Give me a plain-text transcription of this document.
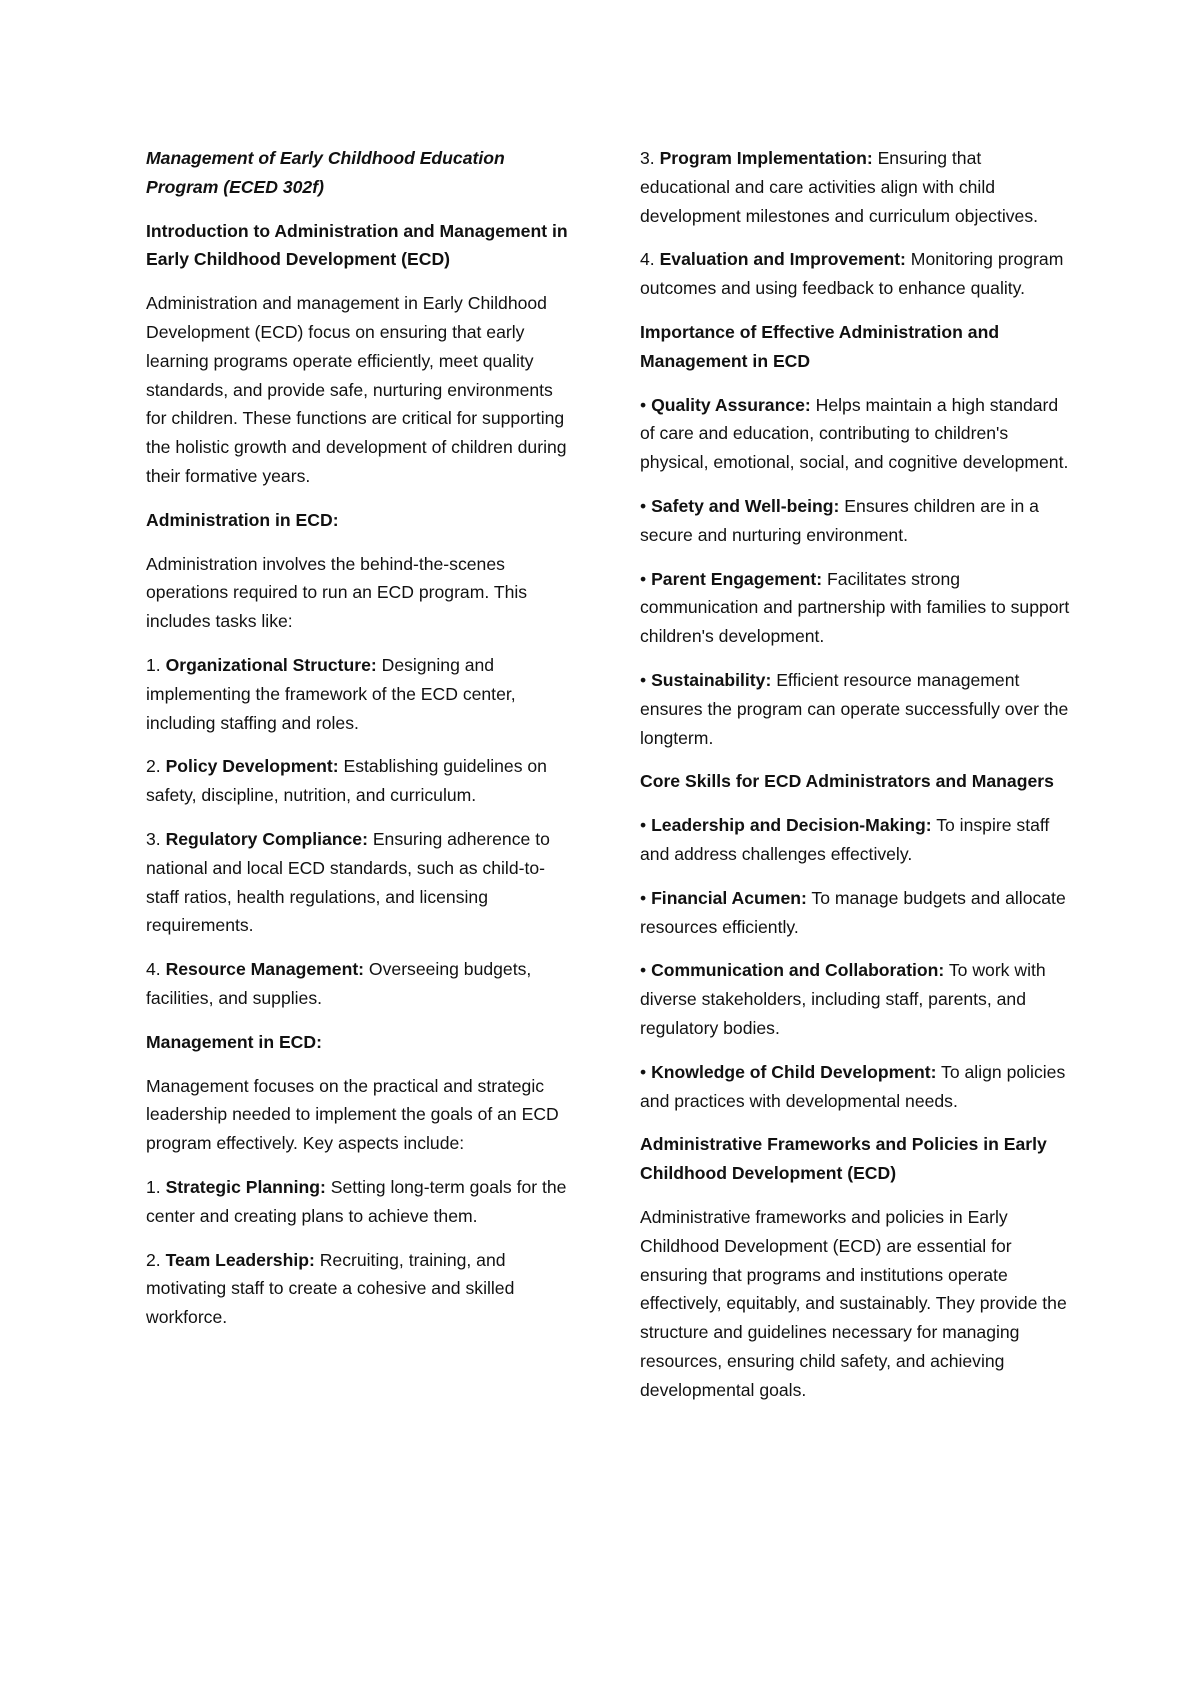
Management of Early Childhood Education Program (ECED 302f)

Introduction to Administration and Management in Early Childhood Development (ECD)

Administration and management in Early Childhood Development (ECD) focus on ensuring that early learning programs operate efficiently, meet quality standards, and provide safe, nurturing environments for children. These functions are critical for supporting the holistic growth and development of children during their formative years.

Administration in ECD:

Administration involves the behind-the-scenes operations required to run an ECD program. This includes tasks like:

1. Organizational Structure: Designing and implementing the framework of the ECD center, including staffing and roles.

2. Policy Development: Establishing guidelines on safety, discipline, nutrition, and curriculum.

3. Regulatory Compliance: Ensuring adherence to national and local ECD standards, such as child-to-staff ratios, health regulations, and licensing requirements.

4. Resource Management: Overseeing budgets, facilities, and supplies.

Management in ECD:

Management focuses on the practical and strategic leadership needed to implement the goals of an ECD program effectively. Key aspects include:

1. Strategic Planning: Setting long-term goals for the center and creating plans to achieve them.

2. Team Leadership: Recruiting, training, and motivating staff to create a cohesive and skilled workforce.

3. Program Implementation: Ensuring that educational and care activities align with child development milestones and curriculum objectives.

4. Evaluation and Improvement: Monitoring program outcomes and using feedback to enhance quality.

Importance of Effective Administration and Management in ECD

• Quality Assurance: Helps maintain a high standard of care and education, contributing to children's physical, emotional, social, and cognitive development.

• Safety and Well-being: Ensures children are in a secure and nurturing environment.

• Parent Engagement: Facilitates strong communication and partnership with families to support children's development.

• Sustainability: Efficient resource management ensures the program can operate successfully over the longterm.

Core Skills for ECD Administrators and Managers

• Leadership and Decision-Making: To inspire staff and address challenges effectively.

• Financial Acumen: To manage budgets and allocate resources efficiently.

• Communication and Collaboration: To work with diverse stakeholders, including staff, parents, and regulatory bodies.

• Knowledge of Child Development: To align policies and practices with developmental needs.

Administrative Frameworks and Policies in Early Childhood Development (ECD)

Administrative frameworks and policies in Early Childhood Development (ECD) are essential for ensuring that programs and institutions operate effectively, equitably, and sustainably. They provide the structure and guidelines necessary for managing resources, ensuring child safety, and achieving developmental goals.
